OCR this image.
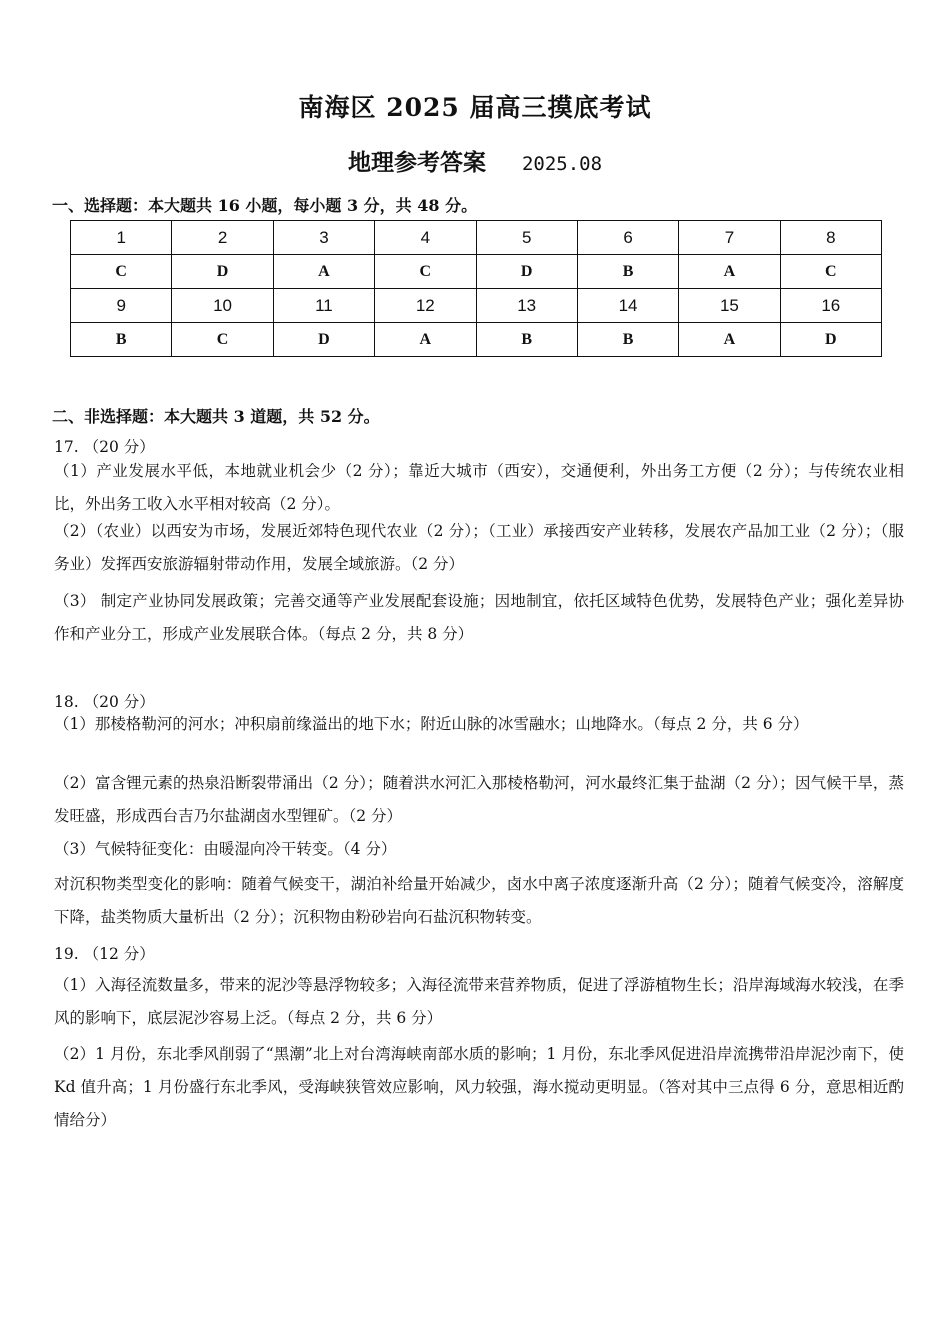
南海区 2025 届高三摸底考试
地理参考答案 2025.08
一、选择题：本大题共 16 小题，每小题 3 分，共 48 分。
1	2	3	4	5	6	7	8
C	D	A	C	D	B	A	C
9	10	11	12	13	14	15	16
B	C	D	A	B	B	A	D
二、非选择题：本大题共 3 道题，共 52 分。
17. （20 分）
（1）产业发展水平低，本地就业机会少（2 分）；靠近大城市（西安），交通便利，外出务工方便（2 分）；与传统农业相比，外出务工收入水平相对较高（2 分）。
（2）（农业）以西安为市场，发展近郊特色现代农业（2 分）；（工业）承接西安产业转移，发展农产品加工业（2 分）；（服务业）发挥西安旅游辐射带动作用，发展全域旅游。（2 分）
（3） 制定产业协同发展政策；完善交通等产业发展配套设施；因地制宜，依托区域特色优势，发展特色产业；强化差异协作和产业分工，形成产业发展联合体。（每点 2 分，共 8 分）
18. （20 分）
（1）那棱格勒河的河水；冲积扇前缘溢出的地下水；附近山脉的冰雪融水；山地降水。（每点 2 分，共 6 分）
（2）富含锂元素的热泉沿断裂带涌出（2 分）；随着洪水河汇入那棱格勒河，河水最终汇集于盐湖（2 分）；因气候干旱，蒸发旺盛，形成西台吉乃尔盐湖卤水型锂矿。（2 分）
（3）气候特征变化：由暖湿向冷干转变。（4 分）
对沉积物类型变化的影响：随着气候变干，湖泊补给量开始减少，卤水中离子浓度逐渐升高（2 分）；随着气候变冷，溶解度下降，盐类物质大量析出（2 分）；沉积物由粉砂岩向石盐沉积物转变。
19. （12 分）
（1）入海径流数量多，带来的泥沙等悬浮物较多；入海径流带来营养物质，促进了浮游植物生长；沿岸海域海水较浅，在季风的影响下，底层泥沙容易上泛。（每点 2 分，共 6 分）
（2）1 月份，东北季风削弱了“黑潮”北上对台湾海峡南部水质的影响；1 月份，东北季风促进沿岸流携带沿岸泥沙南下，使 Kd 值升高；1 月份盛行东北季风，受海峡狭管效应影响，风力较强，海水搅动更明显。（答对其中三点得 6 分，意思相近酌情给分）
